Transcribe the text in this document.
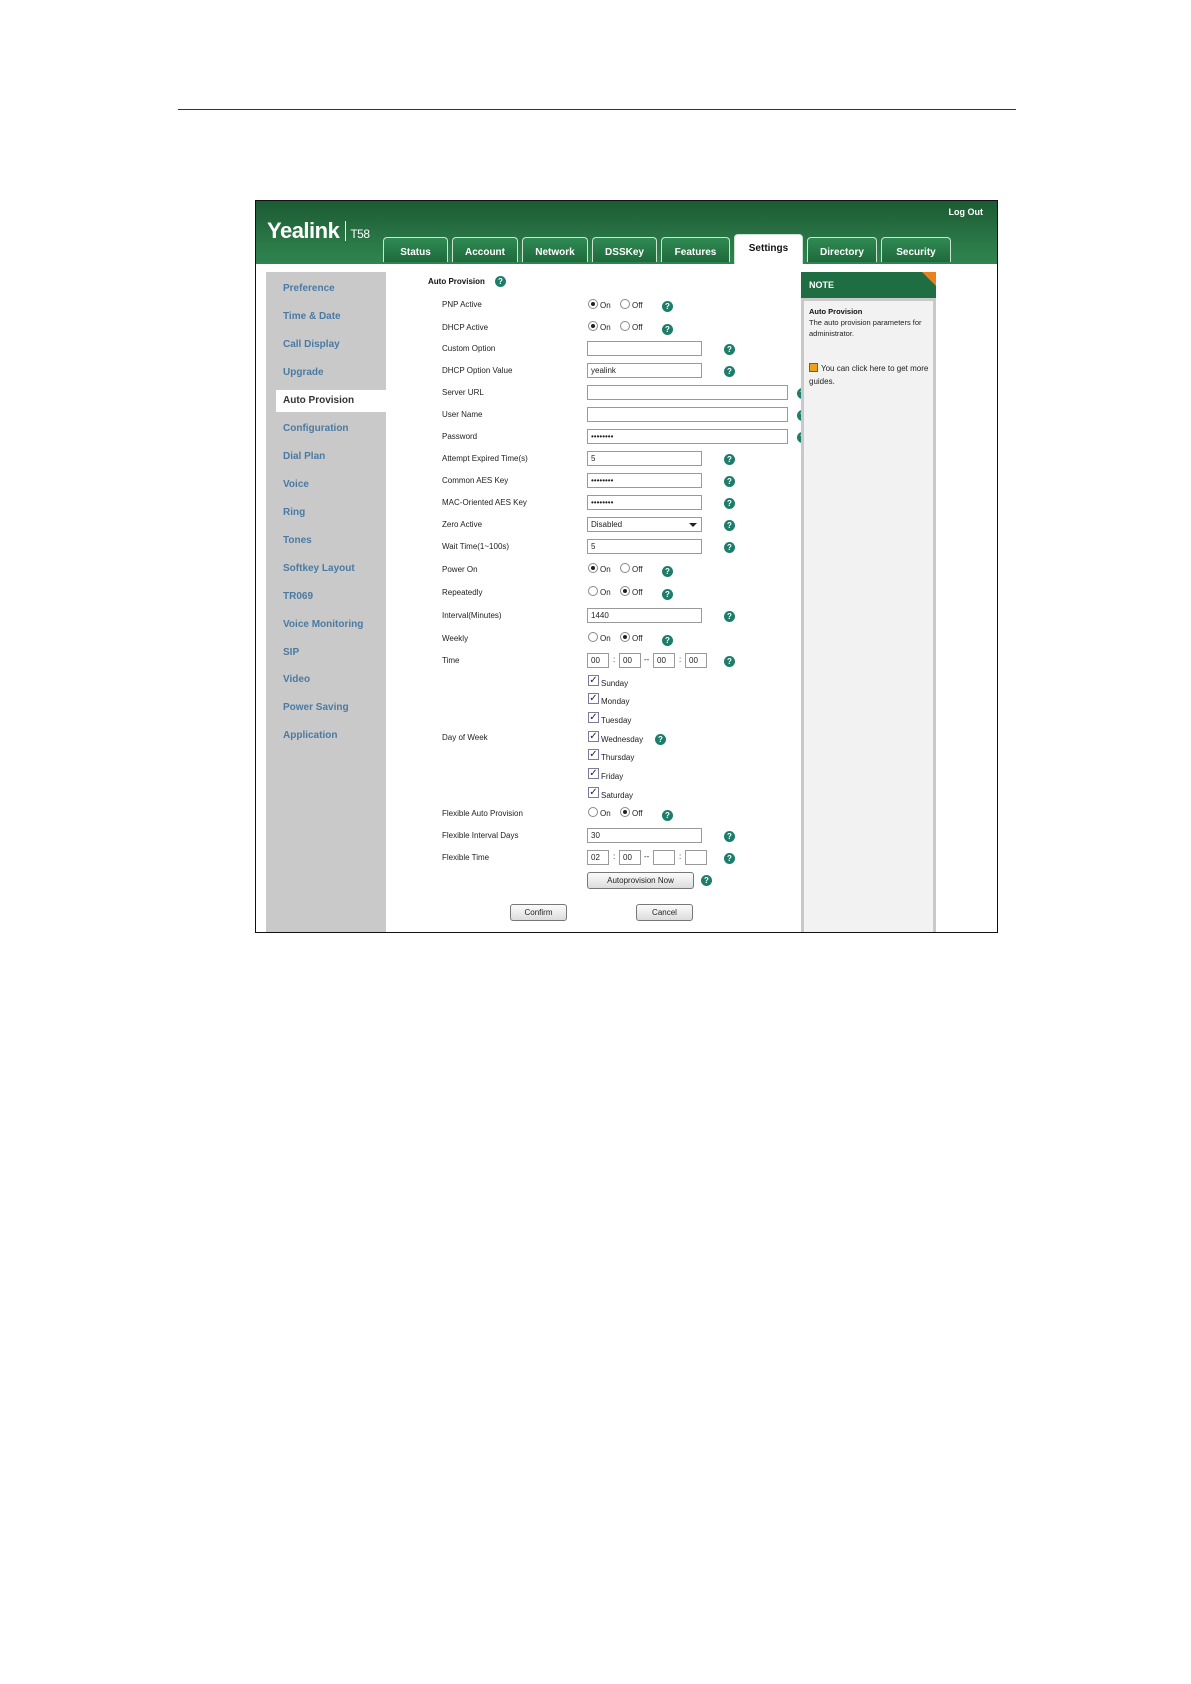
Yealink T58
Log Out
Status	Account	Network	DSSKey	Features	Settings	Directory	Security
Preference
Time & Date
Call Display
Upgrade
Auto Provision
Configuration
Dial Plan
Voice
Ring
Tones
Softkey Layout
TR069
Voice Monitoring
SIP
Video
Power Saving
Application
Auto Provision	?
PNP Active	On	Off	?
DHCP Active	On	Off	?
Custom Option	?
DHCP Option Value	yealink	?
Server URL
User Name
Password	••••••••
Attempt Expired Time(s)	5	?
Common AES Key	••••••••	?
MAC-Oriented AES Key	••••••••	?
Zero Active	Disabled	?
Wait Time(1~100s)	5	?
Power On	On	Off	?
Repeatedly	On	Off	?
Interval(Minutes)	1440	?
Weekly	On	Off	?
Time	00	: 00	-- 00	: 00	?
Day of Week
✓ Sunday
✓ Monday
✓ Tuesday
✓ Wednesday	?
✓ Thursday
✓ Friday
✓ Saturday
Flexible Auto Provision	On	Off	?
Flexible Interval Days	30	?
Flexible Time	02	: 00	--	:	?
Autoprovision Now	?
Confirm	Cancel
NOTE
Auto Provision
The auto provision parameters for administrator.
You can click here to get more guides.
